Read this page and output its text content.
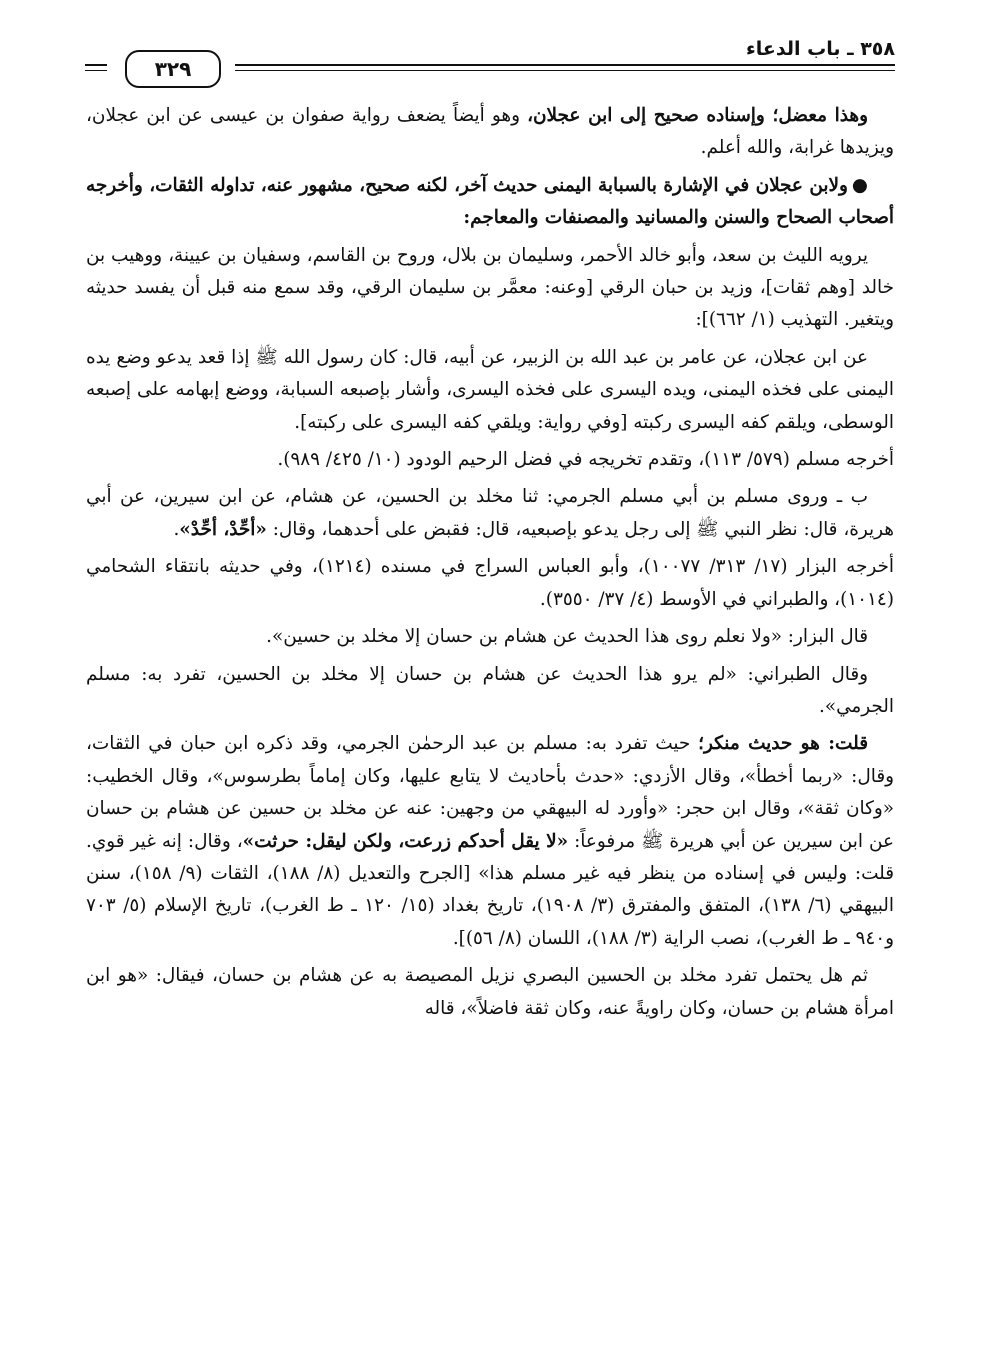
٣٥٨ ـ باب الدعاء
٣٢٩

وهذا معضل؛ وإسناده صحيح إلى ابن عجلان، وهو أيضاً يضعف رواية صفوان بن عيسى عن ابن عجلان، ويزيدها غرابة، والله أعلم.

●ولابن عجلان في الإشارة بالسبابة اليمنى حديث آخر، لكنه صحيح، مشهور عنه، تداوله الثقات، وأخرجه أصحاب الصحاح والسنن والمسانيد والمصنفات والمعاجم:

يرويه الليث بن سعد، وأبو خالد الأحمر، وسليمان بن بلال، وروح بن القاسم، وسفيان بن عيينة، ووهيب بن خالد [وهم ثقات]، وزيد بن حبان الرقي [وعنه: معمَّر بن سليمان الرقي، وقد سمع منه قبل أن يفسد حديثه ويتغير. التهذيب (١/ ٦٦٢)]:

عن ابن عجلان، عن عامر بن عبد الله بن الزبير، عن أبيه، قال: كان رسول الله ﷺ إذا قعد يدعو وضع يده اليمنى على فخذه اليمنى، ويده اليسرى على فخذه اليسرى، وأشار بإصبعه السبابة، ووضع إبهامه على إصبعه الوسطى، ويلقم كفه اليسرى ركبته [وفي رواية: ويلقي كفه اليسرى على ركبته].

أخرجه مسلم (٥٧٩/ ١١٣)، وتقدم تخريجه في فضل الرحيم الودود (١٠/ ٤٢٥/ ٩٨٩).

ب ـ وروى مسلم بن أبي مسلم الجرمي: ثنا مخلد بن الحسين، عن هشام، عن ابن سيرين، عن أبي هريرة، قال: نظر النبي ﷺ إلى رجل يدعو بإصبعيه، قال: فقبض على أحدهما، وقال: «أحِّدْ، أحِّدْ».

أخرجه البزار (١٧/ ٣١٣/ ١٠٠٧٧)، وأبو العباس السراج في مسنده (١٢١٤)، وفي حديثه بانتقاء الشحامي (١٠١٤)، والطبراني في الأوسط (٤/ ٣٧/ ٣٥٥٠).

قال البزار: «ولا نعلم روى هذا الحديث عن هشام بن حسان إلا مخلد بن حسين».

وقال الطبراني: «لم يرو هذا الحديث عن هشام بن حسان إلا مخلد بن الحسين، تفرد به: مسلم الجرمي».

قلت: هو حديث منكر؛ حيث تفرد به: مسلم بن عبد الرحمٰن الجرمي، وقد ذكره ابن حبان في الثقات، وقال: «ربما أخطأ»، وقال الأزدي: «حدث بأحاديث لا يتابع عليها، وكان إماماً بطرسوس»، وقال الخطيب: «وكان ثقة»، وقال ابن حجر: «وأورد له البيهقي من وجهين: عنه عن مخلد بن حسين عن هشام بن حسان عن ابن سيرين عن أبي هريرة ﷺ مرفوعاً: «لا يقل أحدكم زرعت، ولكن ليقل: حرثت»، وقال: إنه غير قوي. قلت: وليس في إسناده من ينظر فيه غير مسلم هذا» [الجرح والتعديل (٨/ ١٨٨)، الثقات (٩/ ١٥٨)، سنن البيهقي (٦/ ١٣٨)، المتفق والمفترق (٣/ ١٩٠٨)، تاريخ بغداد (١٥/ ١٢٠ ـ ط الغرب)، تاريخ الإسلام (٥/ ٧٠٣ و٩٤٠ ـ ط الغرب)، نصب الراية (٣/ ١٨٨)، اللسان (٨/ ٥٦)].

ثم هل يحتمل تفرد مخلد بن الحسين البصري نزيل المصيصة به عن هشام بن حسان، فيقال: «هو ابن امرأة هشام بن حسان، وكان راويةً عنه، وكان ثقة فاضلاً»، قاله
